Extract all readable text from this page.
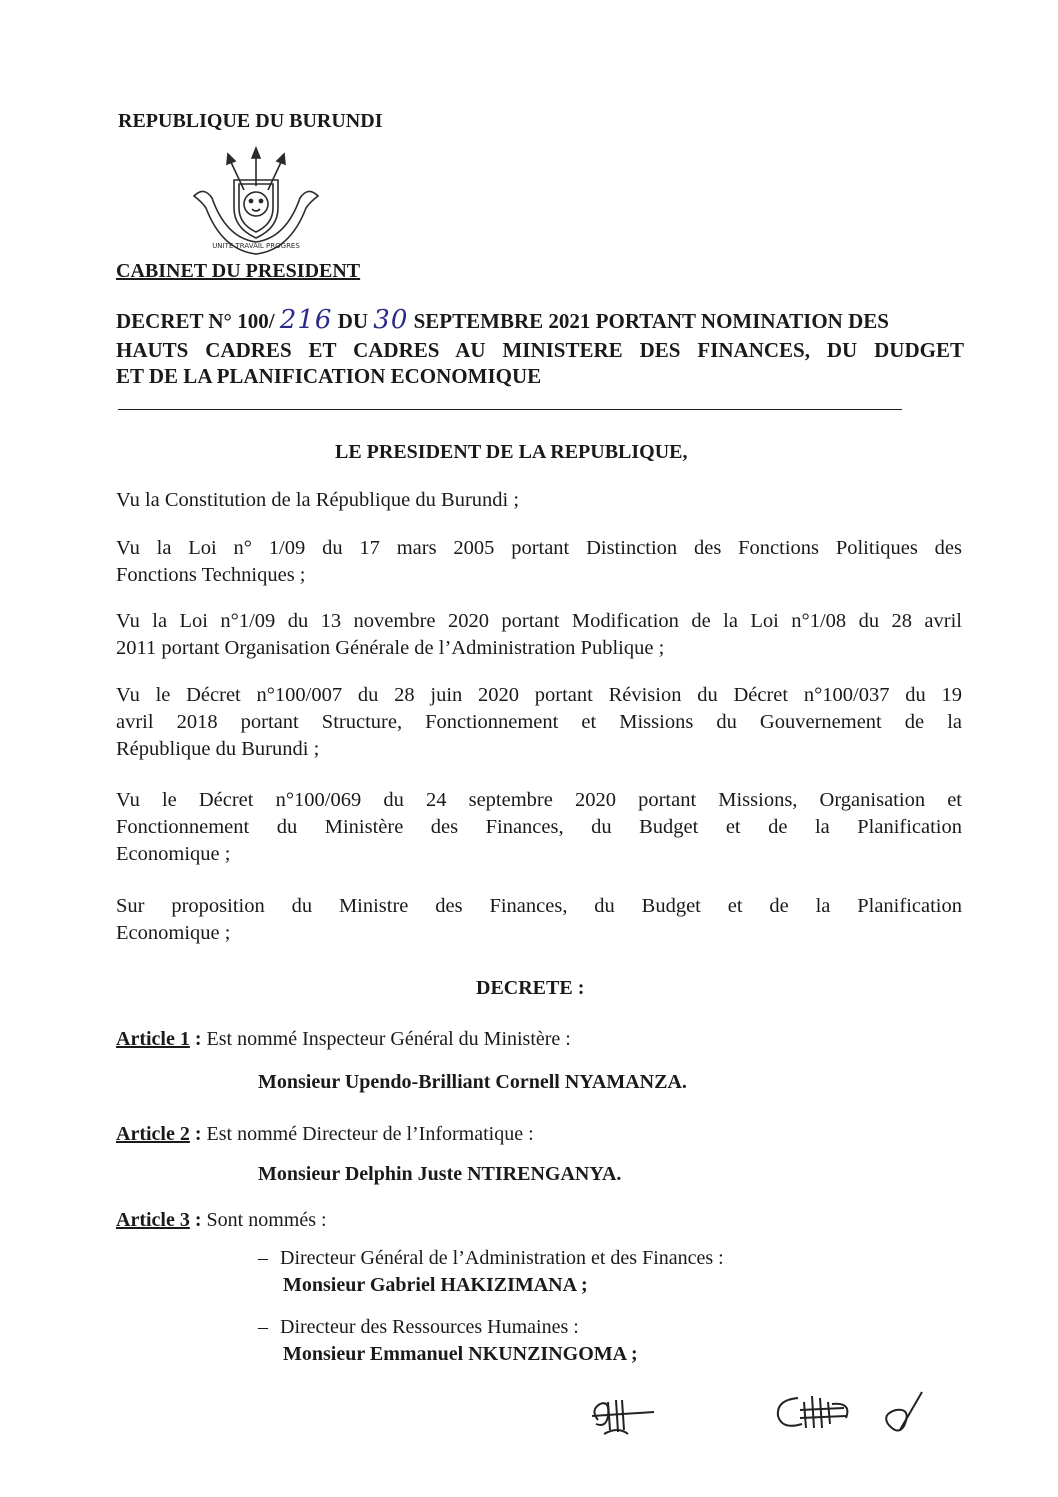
REPUBLIQUE DU BURUNDI
UNITE TRAVAIL PROGRES
CABINET DU PRESIDENT
DECRET N° 100/ 216 DU 30 SEPTEMBRE 2021 PORTANT NOMINATION DES
HAUTS CADRES ET CADRES AU MINISTERE DES FINANCES, DU DUDGET
ET DE LA PLANIFICATION ECONOMIQUE
LE PRESIDENT DE LA REPUBLIQUE,
Vu la Constitution de la République du Burundi ;
Vu la Loi n° 1/09 du 17 mars 2005 portant Distinction des Fonctions Politiques des
Fonctions Techniques ;
Vu la Loi n°1/09 du 13 novembre 2020 portant Modification de la Loi n°1/08 du 28 avril
2011 portant Organisation Générale de l’Administration Publique ;
Vu le Décret n°100/007 du 28 juin 2020 portant Révision du Décret n°100/037 du 19
avril 2018 portant Structure, Fonctionnement et Missions du Gouvernement de la
République du Burundi ;
Vu le Décret n°100/069 du 24 septembre 2020 portant Missions, Organisation et
Fonctionnement du Ministère des Finances, du Budget et de la Planification
Economique ;
Sur proposition du Ministre des Finances, du Budget et de la Planification
Economique ;
DECRETE :
Article 1 : Est nommé Inspecteur Général du Ministère :
Monsieur Upendo-Brilliant Cornell NYAMANZA.
Article 2 : Est nommé Directeur de l’Informatique :
Monsieur Delphin Juste NTIRENGANYA.
Article 3 : Sont nommés :
– Directeur Général de l’Administration et des Finances :
Monsieur Gabriel HAKIZIMANA ;
– Directeur des Ressources Humaines :
Monsieur Emmanuel NKUNZINGOMA ;
